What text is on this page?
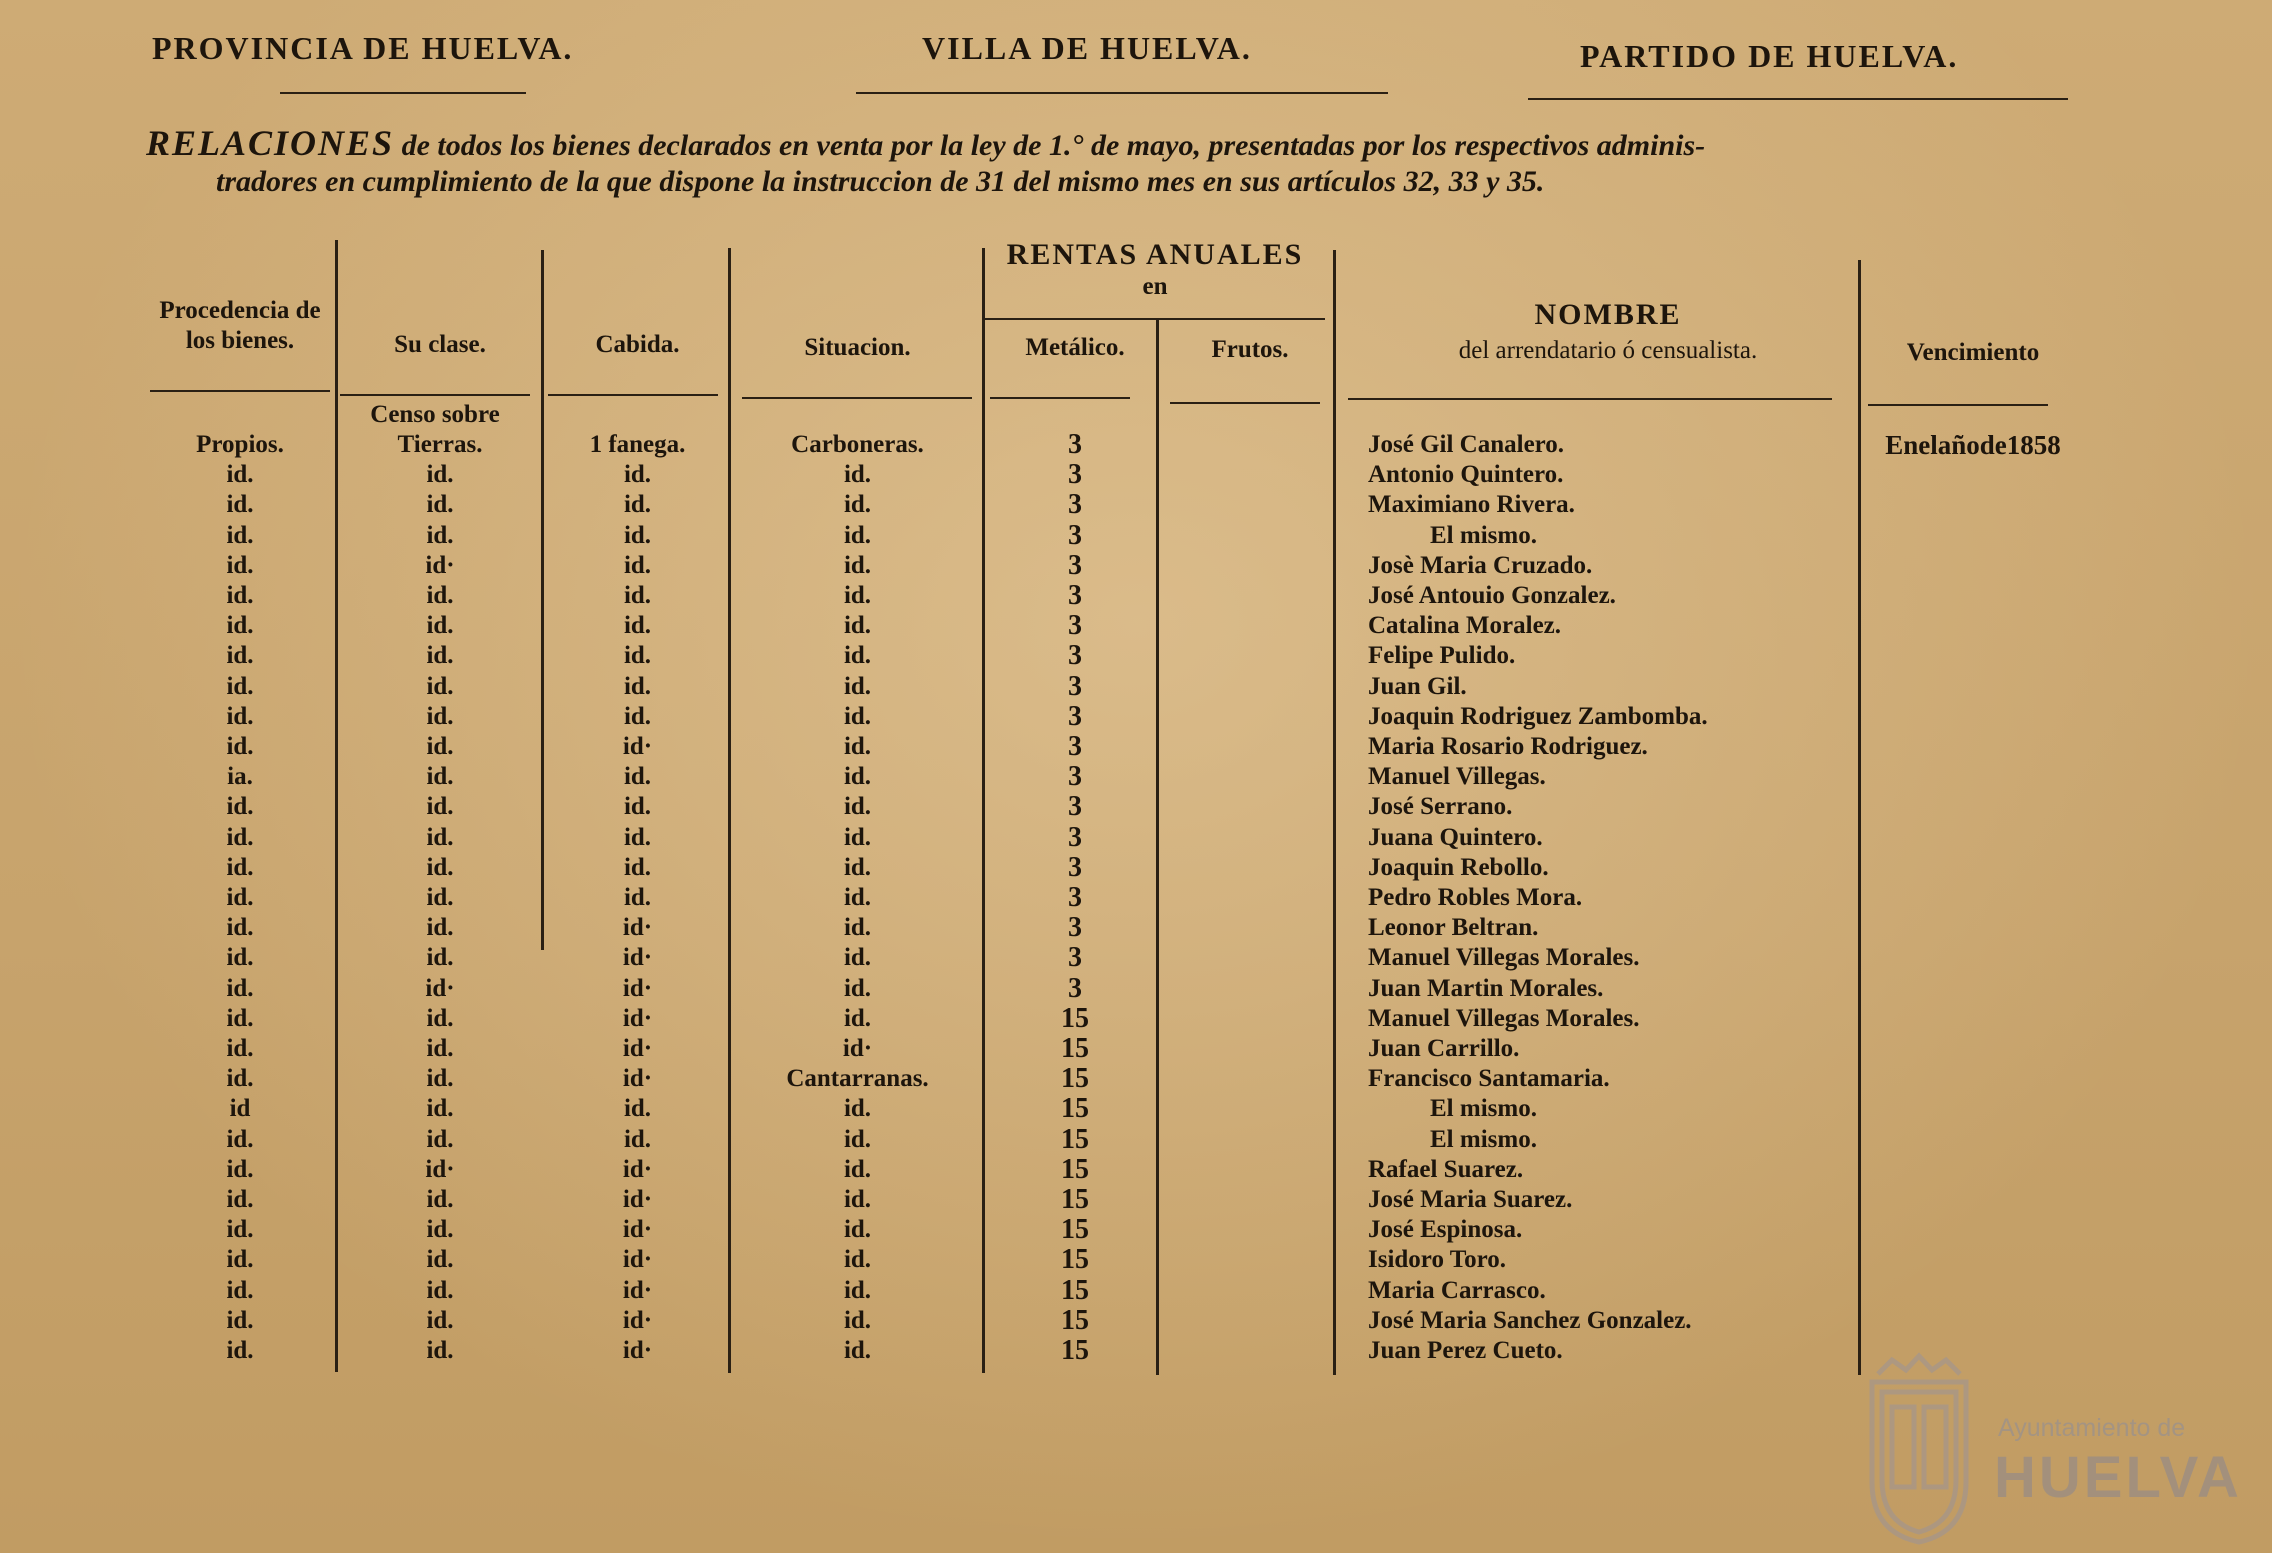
PROVINCIA DE HUELVA.	VILLA DE HUELVA.	PARTIDO DE HUELVA.
RELACIONES de todos los bienes declarados en venta por la ley de 1.° de mayo, presentadas por los respectivos adminis-
tradores en cumplimiento de la que dispone la instruccion de 31 del mismo mes en sus artículos 32, 33 y 35.
Procedencia de los bienes.	Su clase.	Cabida.	Situacion.
RENTAS ANUALES
en
Metálico.	Frutos.
NOMBRE
del arrendatario ó censualista.	Vencimiento
Censo sobre
Propios.	Tierras.	1 fanega.	Carboneras.	3	José Gil Canalero.	Enelañode1858
id.	id.	id.	id.	3	Antonio Quintero.
id.	id.	id.	id.	3	Maximiano Rivera.
id.	id.	id.	id.	3	El mismo.
id.	id·	id.	id.	3	Josè Maria Cruzado.
id.	id.	id.	id.	3	José Antouio Gonzalez.
id.	id.	id.	id.	3	Catalina Moralez.
id.	id.	id.	id.	3	Felipe Pulido.
id.	id.	id.	id.	3	Juan Gil.
id.	id.	id.	id.	3	Joaquin Rodriguez Zambomba.
id.	id.	id·	id.	3	Maria Rosario Rodriguez.
ia.	id.	id.	id.	3	Manuel Villegas.
id.	id.	id.	id.	3	José Serrano.
id.	id.	id.	id.	3	Juana Quintero.
id.	id.	id.	id.	3	Joaquin Rebollo.
id.	id.	id.	id.	3	Pedro Robles Mora.
id.	id.	id·	id.	3	Leonor Beltran.
id.	id.	id·	id.	3	Manuel Villegas Morales.
id.	id·	id·	id.	3	Juan Martin Morales.
id.	id.	id·	id.	15	Manuel Villegas Morales.
id.	id.	id·	id·	15	Juan Carrillo.
id.	id.	id·	Cantarranas.	15	Francisco Santamaria.
id	id.	id.	id.	15	El mismo.
id.	id.	id.	id.	15	El mismo.
id.	id·	id·	id.	15	Rafael Suarez.
id.	id.	id·	id.	15	José Maria Suarez.
id.	id.	id·	id.	15	José Espinosa.
id.	id.	id·	id.	15	Isidoro Toro.
id.	id.	id·	id.	15	Maria Carrasco.
id.	id.	id·	id.	15	José Maria Sanchez Gonzalez.
id.	id.	id·	id.	15	Juan Perez Cueto.
Ayuntamiento de
HUELVA
